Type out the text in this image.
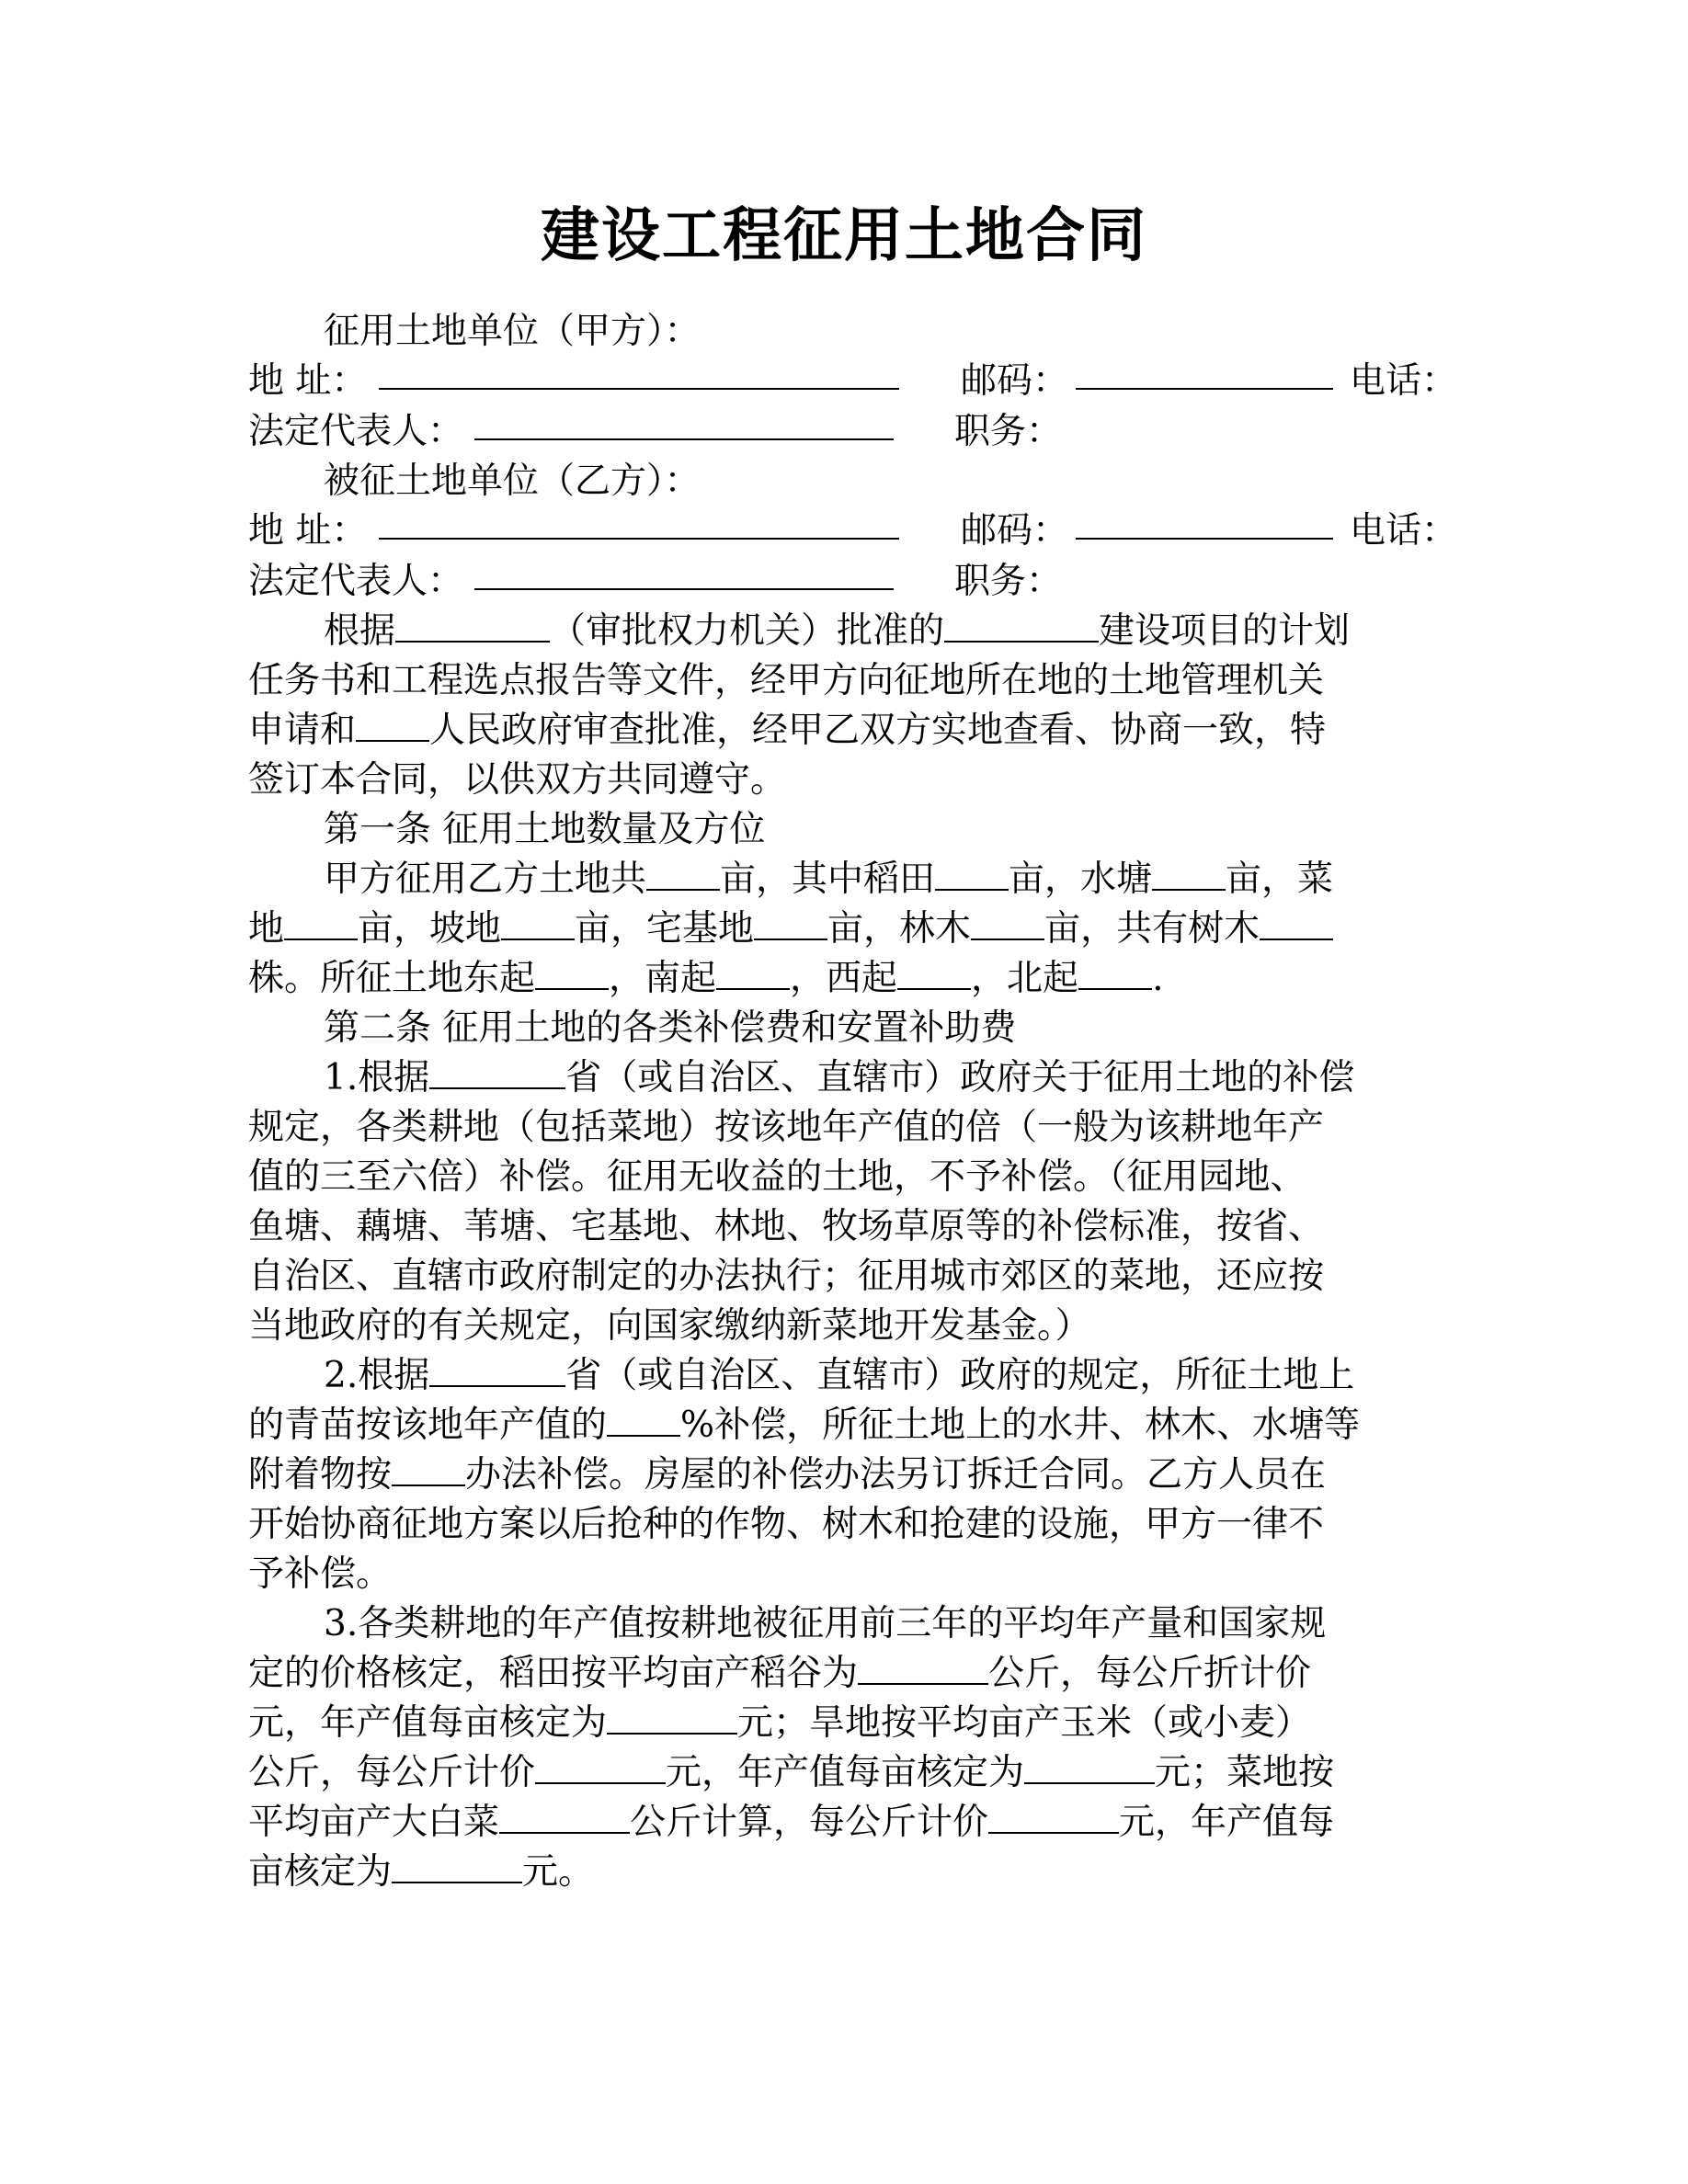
建设工程征用土地合同
征用土地单位（甲方）：
地 址：	邮码：	电话：
法定代表人：	职务：
被征土地单位（乙方）：
地 址：	邮码：	电话：
法定代表人：	职务：
根据	（审批权力机关）批准的	建设项目的计划
任务书和工程选点报告等文件，经甲方向征地所在地的土地管理机关
申请和 人民政府审查批准，经甲乙双方实地查看、协商一致，特
签订本合同，以供双方共同遵守。
第一条 征用土地数量及方位
甲方征用乙方土地共 亩，其中稻田 亩，水塘 亩，菜
地 亩，坡地 亩，宅基地 亩，林木 亩，共有树木
株。所征土地东起 ，南起 ，西起 ，北起 .
第二条 征用土地的各类补偿费和安置补助费
1.根据	省（或自治区、直辖市）政府关于征用土地的补偿
规定，各类耕地（包括菜地）按该地年产值的倍（一般为该耕地年产
值的三至六倍）补偿。征用无收益的土地，不予补偿。（征用园地、
鱼塘、藕塘、苇塘、宅基地、林地、牧场草原等的补偿标准，按省、
自治区、直辖市政府制定的办法执行；征用城市郊区的菜地，还应按
当地政府的有关规定，向国家缴纳新菜地开发基金。）
2.根据	省（或自治区、直辖市）政府的规定，所征土地上
的青苗按该地年产值的 %补偿，所征土地上的水井、林木、水塘等
附着物按 办法补偿。房屋的补偿办法另订拆迁合同。乙方人员在
开始协商征地方案以后抢种的作物、树木和抢建的设施，甲方一律不
予补偿。
3.各类耕地的年产值按耕地被征用前三年的平均年产量和国家规
定的价格核定，稻田按平均亩产稻谷为	公斤，每公斤折计价
元，年产值每亩核定为	元；旱地按平均亩产玉米（或小麦）
公斤，每公斤计价	元，年产值每亩核定为	元；菜地按
平均亩产大白菜	公斤计算，每公斤计价	元，年产值每
亩核定为	元。
